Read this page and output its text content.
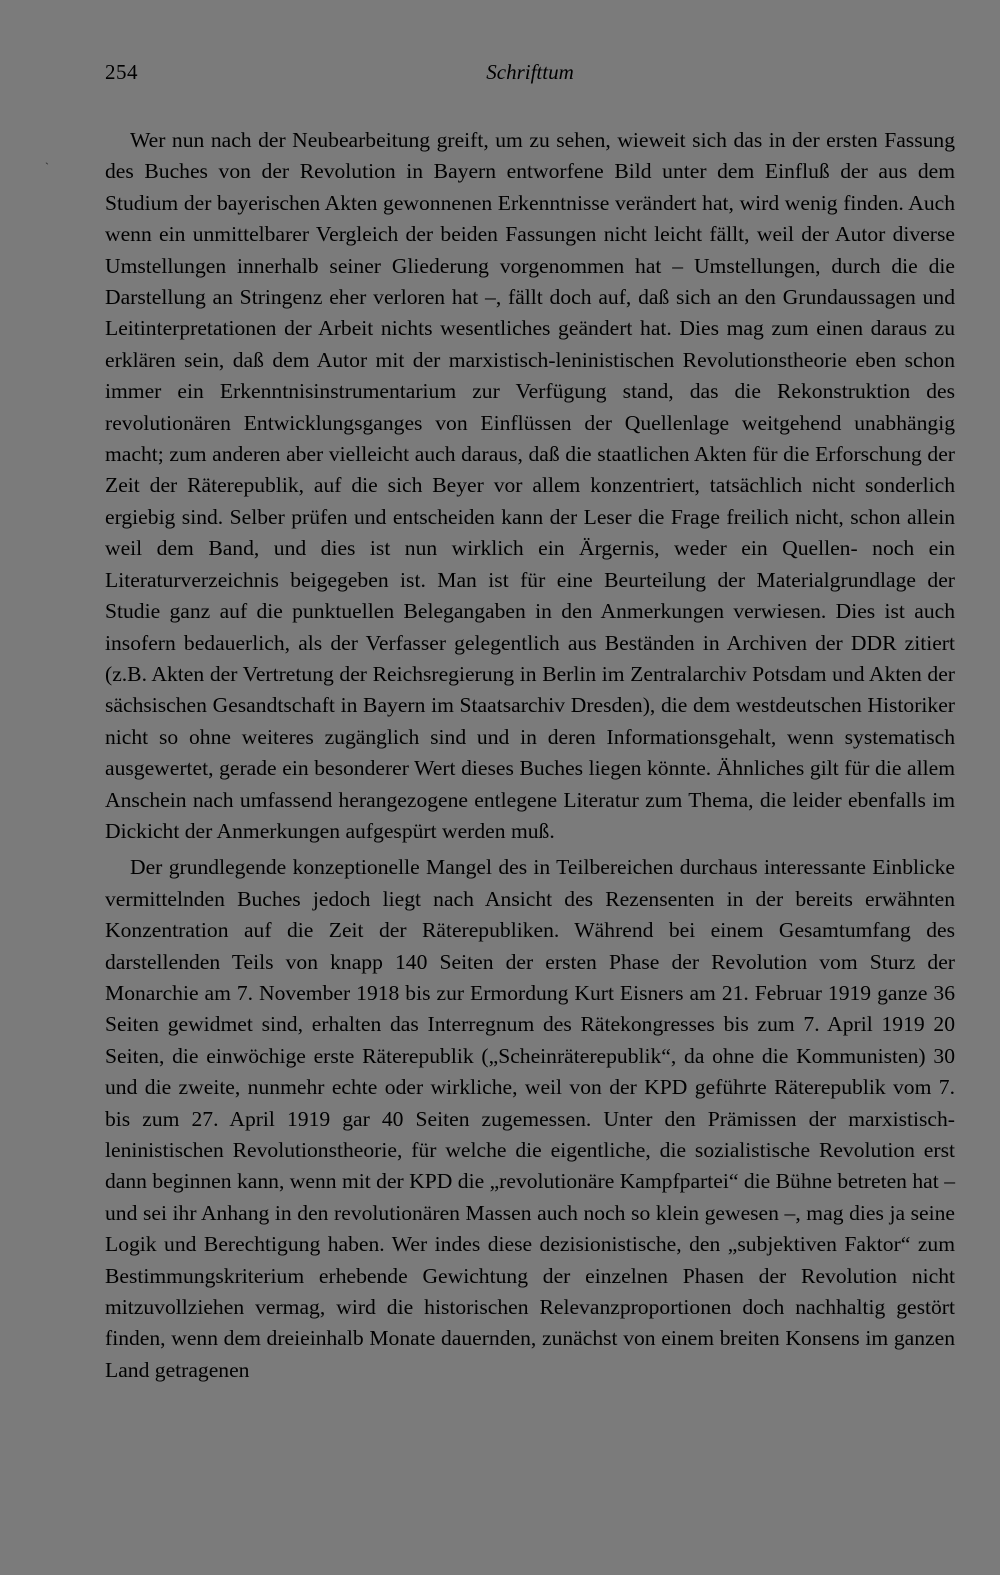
254	Schrifttum
`

Wer nun nach der Neubearbeitung greift, um zu sehen, wieweit sich das in der ersten Fassung des Buches von der Revolution in Bayern entworfene Bild unter dem Einfluß der aus dem Studium der bayerischen Akten gewonnenen Erkenntnisse verändert hat, wird wenig finden. Auch wenn ein unmittelbarer Vergleich der beiden Fassungen nicht leicht fällt, weil der Autor diverse Umstellungen innerhalb seiner Gliederung vorgenommen hat – Umstellungen, durch die die Darstellung an Stringenz eher verloren hat –, fällt doch auf, daß sich an den Grundaussagen und Leitinterpretationen der Arbeit nichts wesentliches geändert hat. Dies mag zum einen daraus zu erklären sein, daß dem Autor mit der marxistisch-leninistischen Revolutionstheorie eben schon immer ein Erkenntnisinstrumentarium zur Verfügung stand, das die Rekonstruktion des revolutionären Entwicklungsganges von Einflüssen der Quellenlage weitgehend unabhängig macht; zum anderen aber vielleicht auch daraus, daß die staatlichen Akten für die Erforschung der Zeit der Räterepublik, auf die sich Beyer vor allem konzentriert, tatsächlich nicht sonderlich ergiebig sind. Selber prüfen und entscheiden kann der Leser die Frage freilich nicht, schon allein weil dem Band, und dies ist nun wirklich ein Ärgernis, weder ein Quellen- noch ein Literaturverzeichnis beigegeben ist. Man ist für eine Beurteilung der Materialgrundlage der Studie ganz auf die punktuellen Belegangaben in den Anmerkungen verwiesen. Dies ist auch insofern bedauerlich, als der Verfasser gelegentlich aus Beständen in Archiven der DDR zitiert (z.B. Akten der Vertretung der Reichsregierung in Berlin im Zentralarchiv Potsdam und Akten der sächsischen Gesandtschaft in Bayern im Staatsarchiv Dresden), die dem westdeutschen Historiker nicht so ohne weiteres zugänglich sind und in deren Informationsgehalt, wenn systematisch ausgewertet, gerade ein besonderer Wert dieses Buches liegen könnte. Ähnliches gilt für die allem Anschein nach umfassend herangezogene entlegene Literatur zum Thema, die leider ebenfalls im Dickicht der Anmerkungen aufgespürt werden muß.

Der grundlegende konzeptionelle Mangel des in Teilbereichen durchaus interessante Einblicke vermittelnden Buches jedoch liegt nach Ansicht des Rezensenten in der bereits erwähnten Konzentration auf die Zeit der Räterepubliken. Während bei einem Gesamtumfang des darstellenden Teils von knapp 140 Seiten der ersten Phase der Revolution vom Sturz der Monarchie am 7. November 1918 bis zur Ermordung Kurt Eisners am 21. Februar 1919 ganze 36 Seiten gewidmet sind, erhalten das Interregnum des Rätekongresses bis zum 7. April 1919 20 Seiten, die einwöchige erste Räterepublik („Scheinräterepublik“, da ohne die Kommunisten) 30 und die zweite, nunmehr echte oder wirkliche, weil von der KPD geführte Räterepublik vom 7. bis zum 27. April 1919 gar 40 Seiten zugemessen. Unter den Prämissen der marxistisch-leninistischen Revolutionstheorie, für welche die eigentliche, die sozialistische Revolution erst dann beginnen kann, wenn mit der KPD die „revolutionäre Kampfpartei“ die Bühne betreten hat – und sei ihr Anhang in den revolutionären Massen auch noch so klein gewesen –, mag dies ja seine Logik und Berechtigung haben. Wer indes diese dezisionistische, den „subjektiven Faktor“ zum Bestimmungskriterium erhebende Gewichtung der einzelnen Phasen der Revolution nicht mitzuvollziehen vermag, wird die historischen Relevanzproportionen doch nachhaltig gestört finden, wenn dem dreieinhalb Monate dauernden, zunächst von einem breiten Konsens im ganzen Land getragenen
